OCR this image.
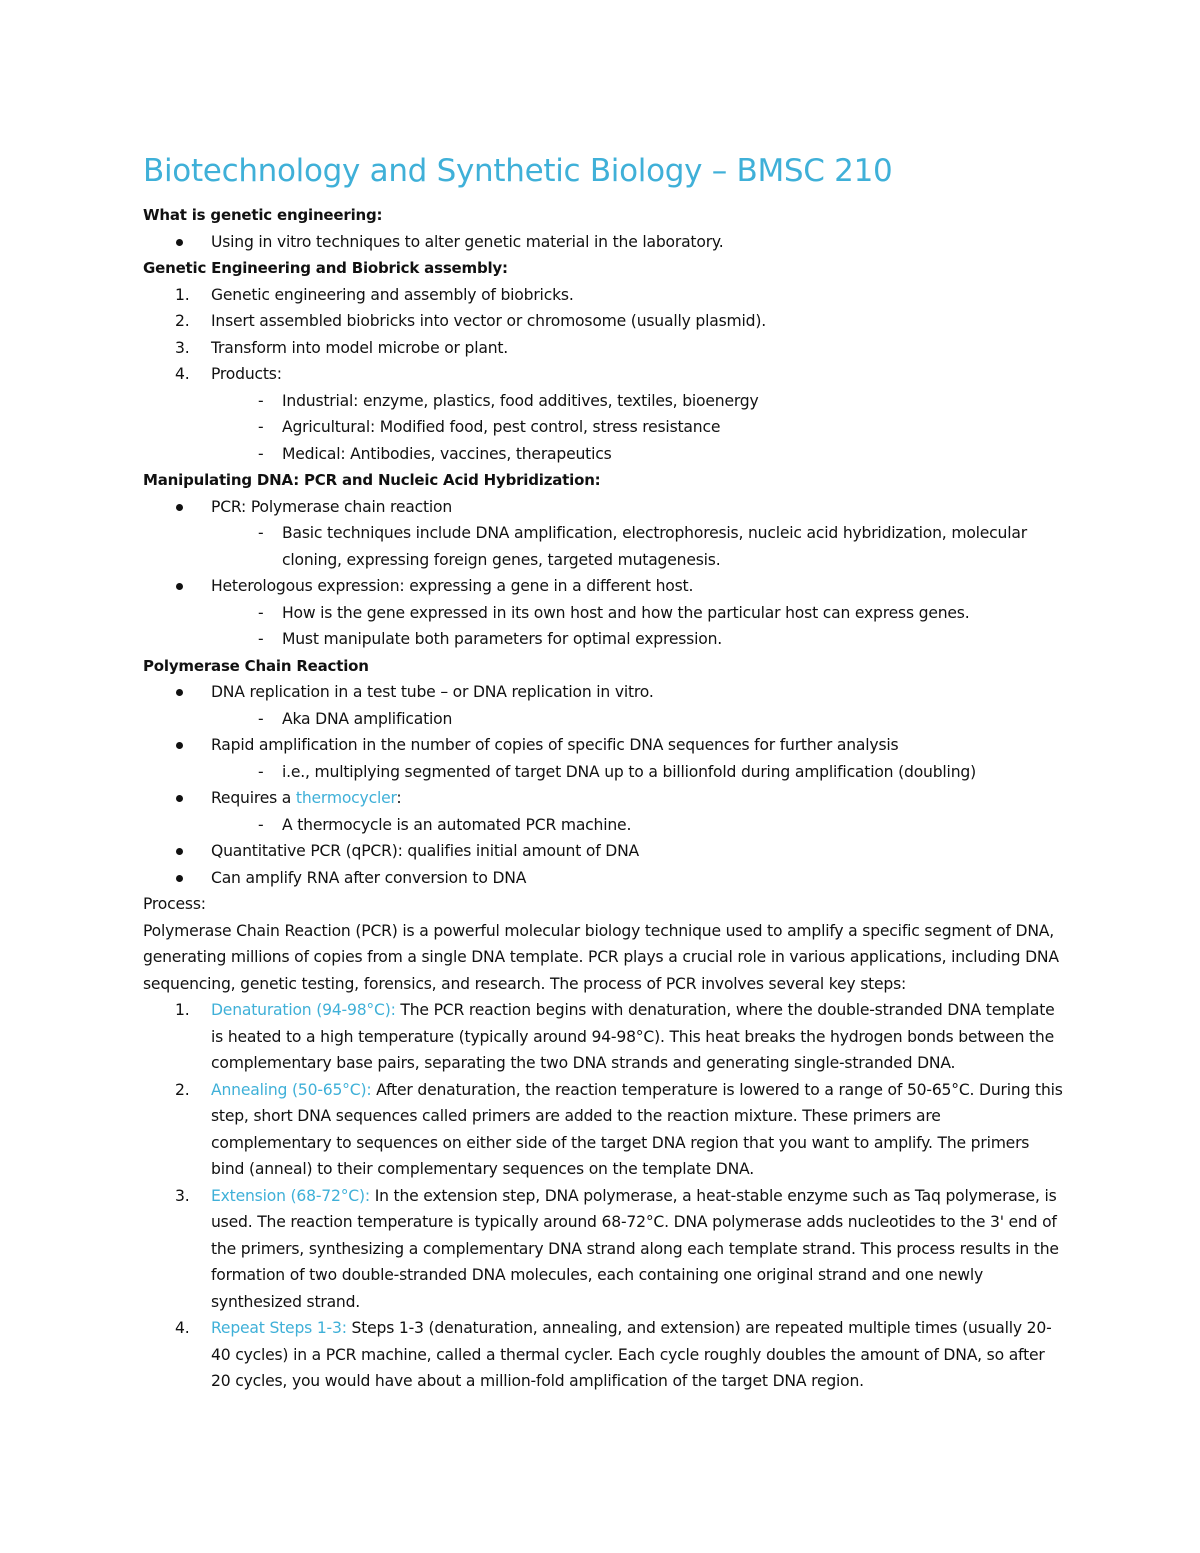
Biotechnology and Synthetic Biology – BMSC 210
What is genetic engineering:
Using in vitro techniques to alter genetic material in the laboratory.
Genetic Engineering and Biobrick assembly:
1. Genetic engineering and assembly of biobricks.
2. Insert assembled biobricks into vector or chromosome (usually plasmid).
3. Transform into model microbe or plant.
4. Products:
- Industrial: enzyme, plastics, food additives, textiles, bioenergy
- Agricultural: Modified food, pest control, stress resistance
- Medical: Antibodies, vaccines, therapeutics
Manipulating DNA: PCR and Nucleic Acid Hybridization:
PCR: Polymerase chain reaction
- Basic techniques include DNA amplification, electrophoresis, nucleic acid hybridization, molecular cloning, expressing foreign genes, targeted mutagenesis.
Heterologous expression: expressing a gene in a different host.
- How is the gene expressed in its own host and how the particular host can express genes.
- Must manipulate both parameters for optimal expression.
Polymerase Chain Reaction
DNA replication in a test tube – or DNA replication in vitro.
- Aka DNA amplification
Rapid amplification in the number of copies of specific DNA sequences for further analysis
- i.e., multiplying segmented of target DNA up to a billionfold during amplification (doubling)
Requires a thermocycler:
- A thermocycle is an automated PCR machine.
Quantitative PCR (qPCR): qualifies initial amount of DNA
Can amplify RNA after conversion to DNA
Process:
Polymerase Chain Reaction (PCR) is a powerful molecular biology technique used to amplify a specific segment of DNA, generating millions of copies from a single DNA template. PCR plays a crucial role in various applications, including DNA sequencing, genetic testing, forensics, and research. The process of PCR involves several key steps:
1. Denaturation (94-98°C): The PCR reaction begins with denaturation, where the double-stranded DNA template is heated to a high temperature (typically around 94-98°C). This heat breaks the hydrogen bonds between the complementary base pairs, separating the two DNA strands and generating single-stranded DNA.
2. Annealing (50-65°C): After denaturation, the reaction temperature is lowered to a range of 50-65°C. During this step, short DNA sequences called primers are added to the reaction mixture. These primers are complementary to sequences on either side of the target DNA region that you want to amplify. The primers bind (anneal) to their complementary sequences on the template DNA.
3. Extension (68-72°C): In the extension step, DNA polymerase, a heat-stable enzyme such as Taq polymerase, is used. The reaction temperature is typically around 68-72°C. DNA polymerase adds nucleotides to the 3' end of the primers, synthesizing a complementary DNA strand along each template strand. This process results in the formation of two double-stranded DNA molecules, each containing one original strand and one newly synthesized strand.
4. Repeat Steps 1-3: Steps 1-3 (denaturation, annealing, and extension) are repeated multiple times (usually 20-40 cycles) in a PCR machine, called a thermal cycler. Each cycle roughly doubles the amount of DNA, so after 20 cycles, you would have about a million-fold amplification of the target DNA region.
